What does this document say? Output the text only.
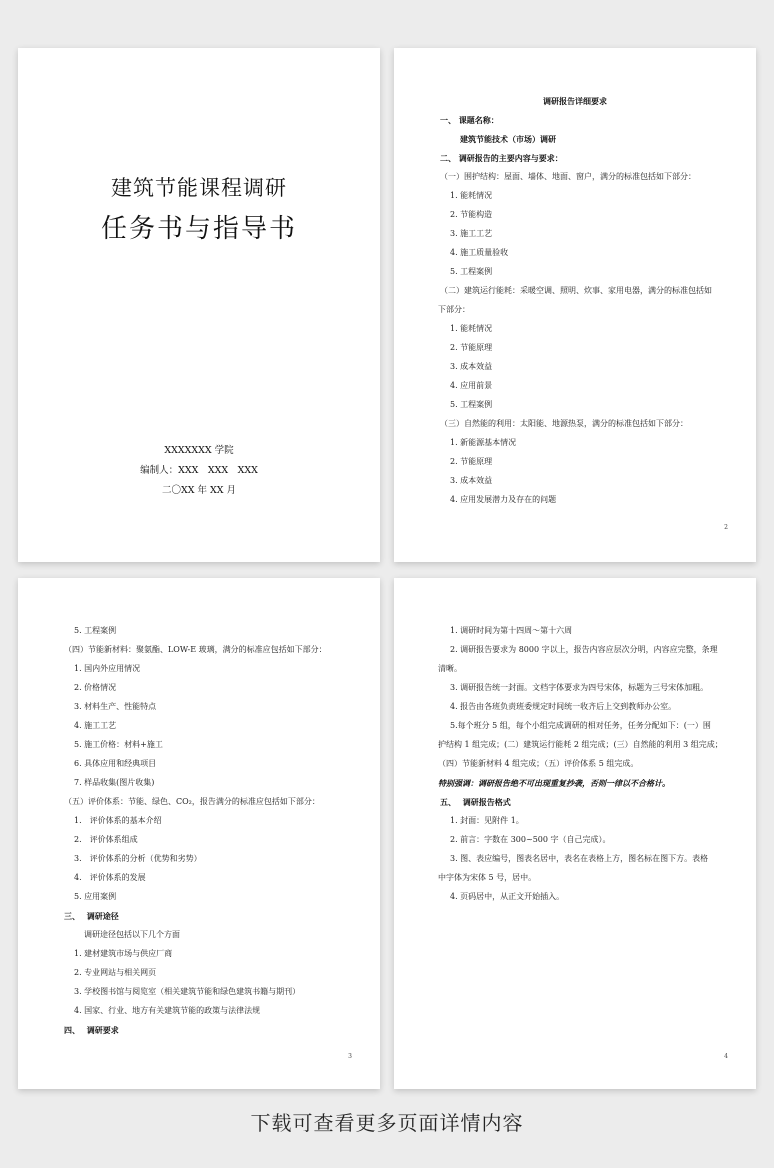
建筑节能课程调研
任务书与指导书
XXXXXXX 学院
编制人：XXX　XXX　XXX
二〇XX 年 XX 月
调研报告详细要求
一、 课题名称：
建筑节能技术（市场）调研
二、 调研报告的主要内容与要求：
（一）围护结构：屋面、墙体、地面、窗户，满分的标准包括如下部分：
1. 能耗情况
2. 节能构造
3. 施工工艺
4. 施工质量验收
5. 工程案例
（二）建筑运行能耗：采暖空调、照明、炊事、家用电器，满分的标准包括如
下部分：
1. 能耗情况
2. 节能原理
3. 成本效益
4. 应用前景
5. 工程案例
（三）自然能的利用：太阳能、地源热泵，满分的标准包括如下部分：
1. 新能源基本情况
2. 节能原理
3. 成本效益
4. 应用发展潜力及存在的问题
2
5. 工程案例
（四）节能新材料：聚氨酯、LOW-E 玻璃，满分的标准应包括如下部分：
1. 国内外应用情况
2. 价格情况
3. 材料生产、性能特点
4. 施工工艺
5. 施工价格：材料+施工
6. 具体应用和经典项目
7. 样品收集(图片收集)
（五）评价体系：节能、绿色、CO₂，报告满分的标准应包括如下部分：
1.　评价体系的基本介绍
2.　评价体系组成
3.　评价体系的分析（优势和劣势）
4.　评价体系的发展
5. 应用案例
三、　 调研途径
调研途径包括以下几个方面
1. 建材建筑市场与供应厂商
2. 专业网站与相关网页
3. 学校图书馆与阅览室（相关建筑节能和绿色建筑书籍与期刊）
4. 国家、行业、地方有关建筑节能的政策与法律法规
四、　 调研要求
3
1. 调研时间为第十四周～第十六周
2. 调研报告要求为 8000 字以上，报告内容应层次分明，内容应完整，条理
清晰。
3. 调研报告统一封面。文档字体要求为四号宋体，标题为三号宋体加粗。
4. 报告由各班负责班委规定时间统一收齐后上交到教师办公室。
5.每个班分 5 组，每个小组完成调研的相对任务，任务分配如下：(一）围
护结构 1 组完成；(二）建筑运行能耗 2 组完成；(三）自然能的利用 3 组完成；
（四）节能新材料 4 组完成；（五）评价体系 5 组完成。
特别强调：调研报告绝不可出现重复抄袭，否则一律以不合格计。
五、　 调研报告格式
1. 封面：见附件 1。
2. 前言：字数在 300~500 字（自己完成）。
3. 图、表应编号，图表名居中，表名在表格上方，图名标在图下方。表格
中字体为宋体 5 号，居中。
4. 页码居中，从正文开始插入。
4
下载可查看更多页面详情内容
